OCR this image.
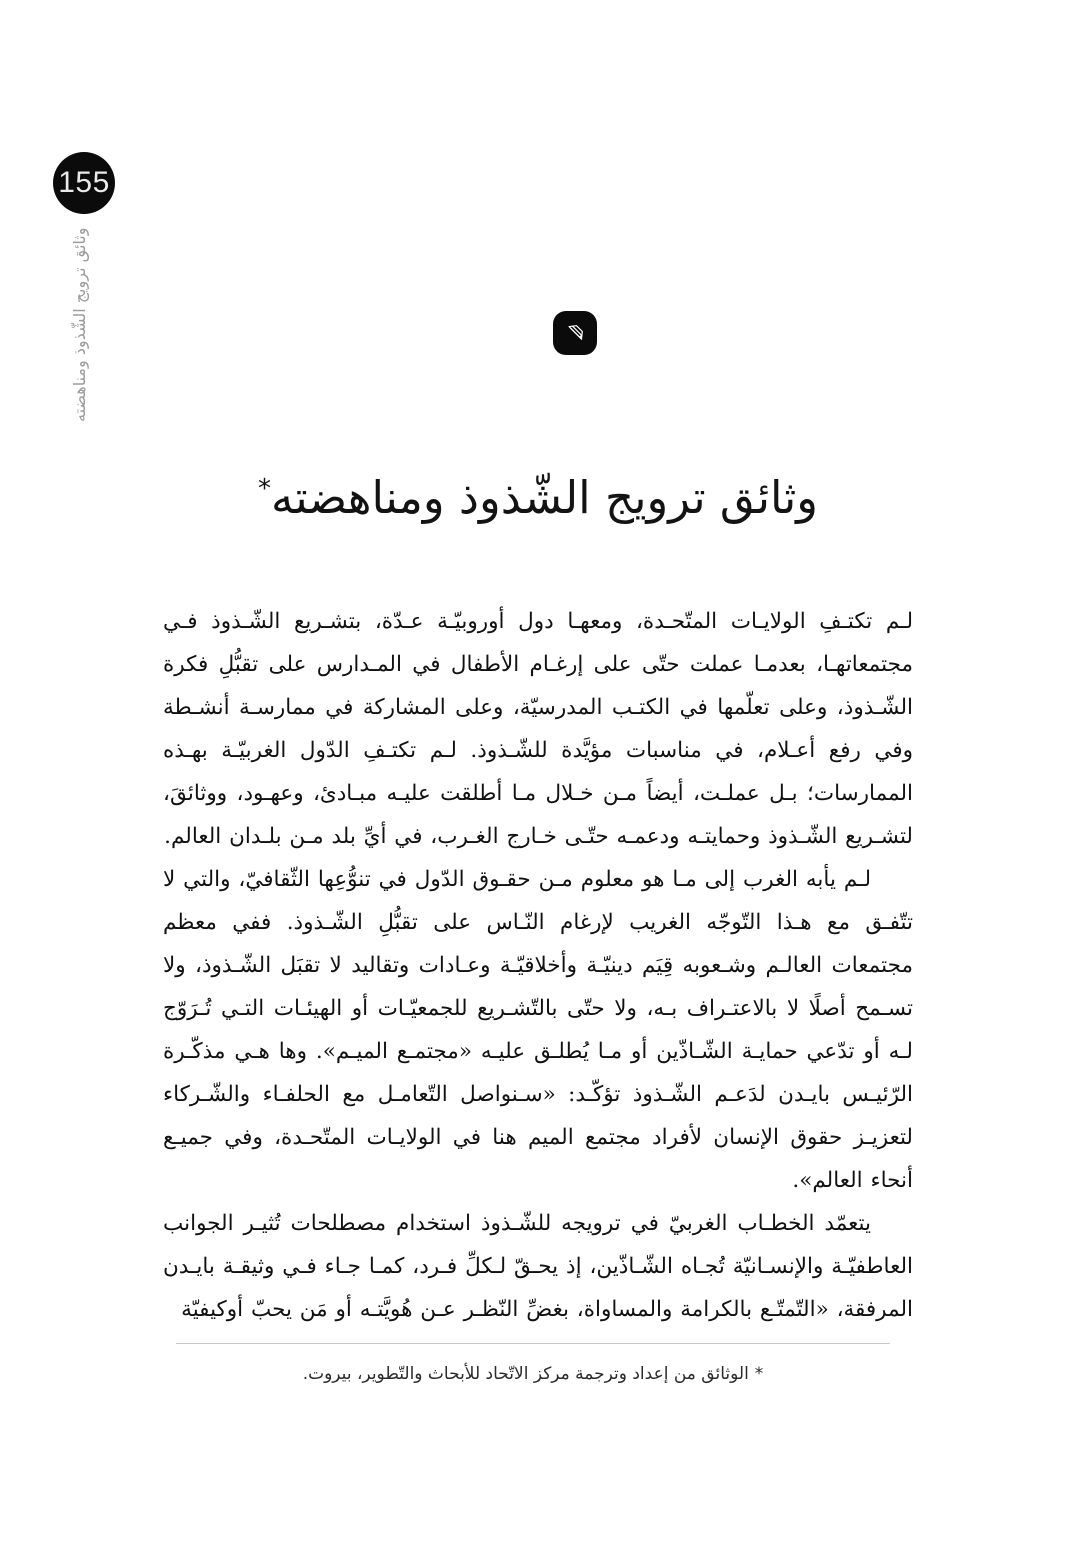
155
وثائق ترويج الشّذوذ ومناهضته
وثائق ترويج الشّذوذ ومناهضته*

لـم تكتـفِ الولايـات المتّحـدة، ومعهـا دول أوروبيّـة عـدّة، بتشـريع الشّـذوذ فـي مجتمعاتهـا، بعدمـا عملت حتّى على إرغـام الأطفال في المـدارس على تقبُّلِ فكرة الشّـذوذ، وعلى تعلّمها في الكتـب المدرسيّة، وعلى المشاركة في ممارسـة أنشـطة وفي رفع أعـلام، في مناسبات مؤيَّدة للشّـذوذ. لـم تكتـفِ الدّول الغربيّـة بهـذه الممارسات؛ بـل عملـت، أيضاً مـن خـلال مـا أطلقت عليـه مبـادئ، وعهـود، ووثائقَ، لتشـريع الشّـذوذ وحمايتـه ودعمـه حتّـى خـارج الغـرب، في أيِّ بلد مـن بلـدان العالم.

لـم يأبه الغرب إلى مـا هو معلوم مـن حقـوق الدّول في تنوُّعِها الثّقافيّ، والتي لا تتّفـق مع هـذا التّوجّه الغريب لإرغام النّـاس على تقبُّلِ الشّـذوذ. ففي معظم مجتمعات العالـم وشـعوبه قِيَم دينيّـة وأخلاقيّـة وعـادات وتقاليد لا تقبَل الشّـذوذ، ولا تسـمح أصلًا لا بالاعتـراف بـه، ولا حتّى بالتّشـريع للجمعيّـات أو الهيئـات التـي تُـرَوّج لـه أو تدّعي حمايـة الشّـاذّين أو مـا يُطلـق عليـه «مجتمـع الميـم». وها هـي مذكّـرة الرّئيـس بايـدن لدَعـم الشّـذوذ تؤكّـد: «سـنواصل التّعامـل مع الحلفـاء والشّـركاء لتعزيـز حقوق الإنسان لأفراد مجتمع الميم هنا في الولايـات المتّحـدة، وفي جميـع أنحاء العالم».

يتعمّد الخطـاب الغربيّ في ترويجه للشّـذوذ استخدام مصطلحات تُثيـر الجوانب العاطفيّـة والإنسـانيّة تُجـاه الشّـاذّين، إذ يحـقّ لـكلِّ فـرد، كمـا جـاء فـي وثيقـة بايـدن المرفقة، «التّمتّـع بالكرامة والمساواة، بغضِّ النّظـر عـن هُويَّتـه أو مَن يحبّ أوكيفيّة

*الوثائق من إعداد وترجمة مركز الاتّحاد للأبحاث والتّطوير، بيروت.
